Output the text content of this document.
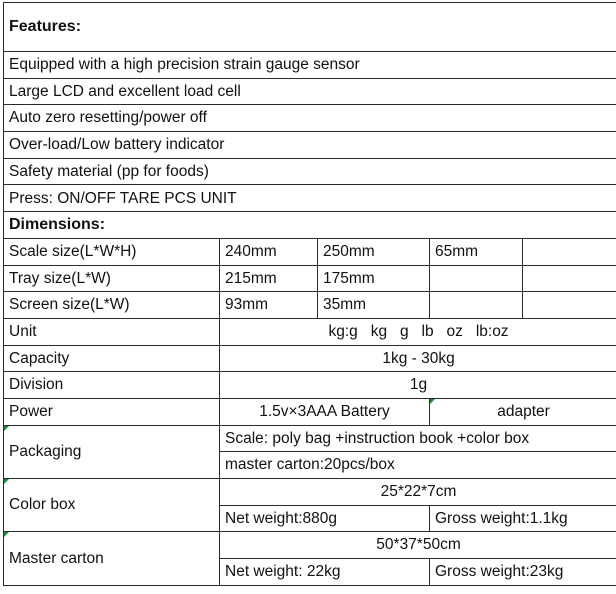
Features:				
Equipped with a high precision strain gauge sensor				
Large LCD and excellent load cell				
Auto zero resetting/power off				
Over-load/Low battery indicator				
Safety material (pp for foods)				
Press: ON/OFF TARE PCS UNIT				
Dimensions:				
Scale size(L*W*H)	240mm	250mm	65mm	
Tray size(L*W)	215mm	175mm		
Screen size(L*W)	93mm	35mm		
Unit	kg:g   kg   g   lb   oz   lb:oz			
Capacity	1kg - 30kg			
Division	1g			
Power	1.5v×3AAA Battery		adapter	
Packaging	Scale: poly bag +instruction book +color box			
	master carton:20pcs/box			
Color box	25*22*7cm			
	Net weight:880g		Gross weight:1.1kg	
Master carton	50*37*50cm			
	Net weight: 22kg		Gross weight:23kg	
